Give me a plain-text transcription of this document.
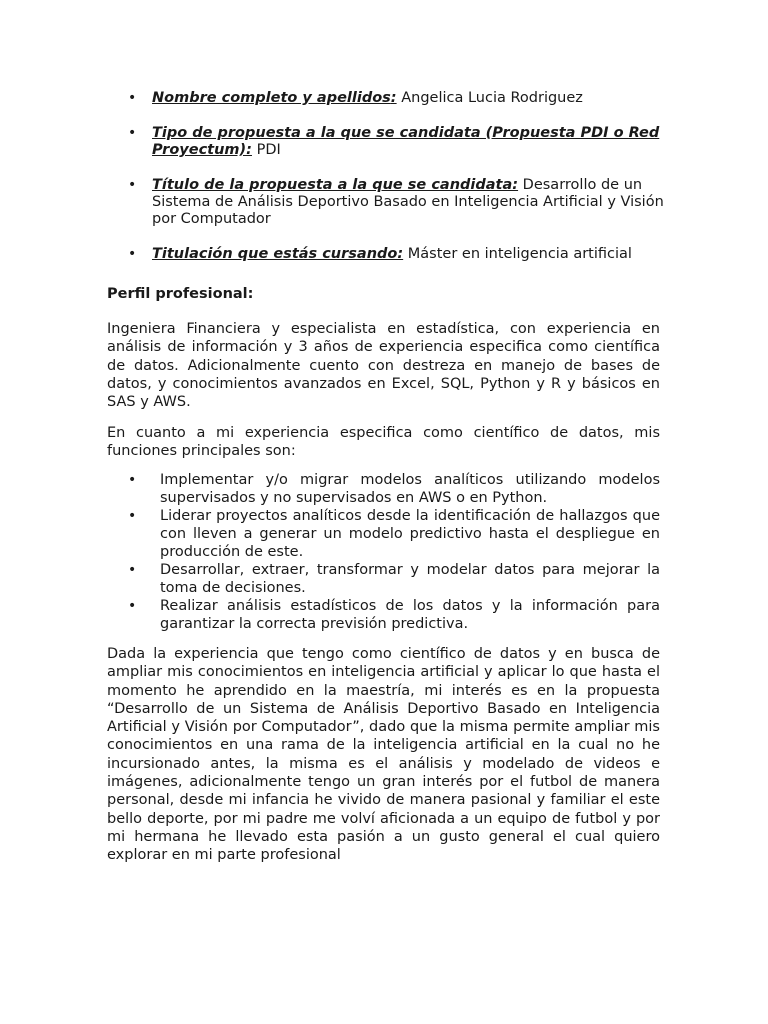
• Nombre completo y apellidos: Angelica Lucia Rodriguez
• Tipo de propuesta a la que se candidata (Propuesta PDI o Red Proyectum): PDI
• Título de la propuesta a la que se candidata: Desarrollo de un Sistema de Análisis Deportivo Basado en Inteligencia Artificial y Visión por Computador
• Titulación que estás cursando: Máster en inteligencia artificial

Perfil profesional:

Ingeniera Financiera y especialista en estadística, con experiencia en análisis de información y 3 años de experiencia especifica como científica de datos. Adicionalmente cuento con destreza en manejo de bases de datos, y conocimientos avanzados en Excel, SQL, Python y R y básicos en SAS y AWS.

En cuanto a mi experiencia especifica como científico de datos, mis funciones principales son:

• Implementar y/o migrar modelos analíticos utilizando modelos supervisados y no supervisados en AWS o en Python.
• Liderar proyectos analíticos desde la identificación de hallazgos que con lleven a generar un modelo predictivo hasta el despliegue en producción de este.
• Desarrollar, extraer, transformar y modelar datos para mejorar la toma de decisiones.
• Realizar análisis estadísticos de los datos y la información para garantizar la correcta previsión predictiva.

Dada la experiencia que tengo como científico de datos y en busca de ampliar mis conocimientos en inteligencia artificial y aplicar lo que hasta el momento he aprendido en la maestría, mi interés es en la propuesta “Desarrollo de un Sistema de Análisis Deportivo Basado en Inteligencia Artificial y Visión por Computador”, dado que la misma permite ampliar mis conocimientos en una rama de la inteligencia artificial en la cual no he incursionado antes, la misma es el análisis y modelado de videos e imágenes, adicionalmente tengo un gran interés por el futbol de manera personal, desde mi infancia he vivido de manera pasional y familiar el este bello deporte, por mi padre me volví aficionada a un equipo de futbol y por mi hermana he llevado esta pasión a un gusto general el cual quiero explorar en mi parte profesional
